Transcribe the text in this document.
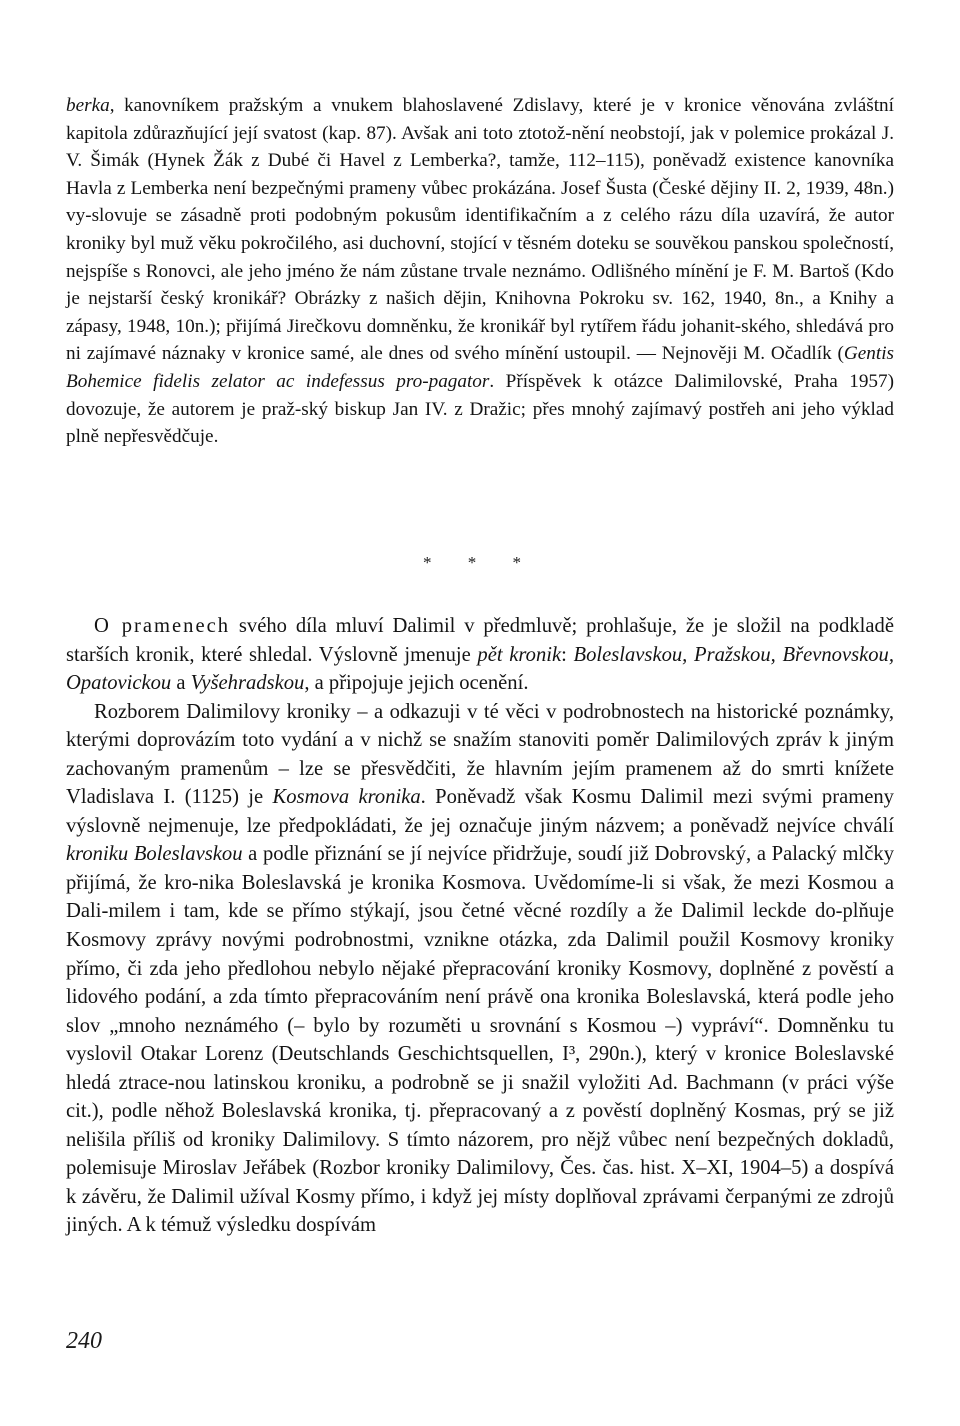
berka, kanovníkem pražským a vnukem blahoslavené Zdislavy, které je v kronice věnována zvláštní kapitola zdůrazňující její svatost (kap. 87). Avšak ani toto ztotož-nění neobstojí, jak v polemice prokázal J. V. Šimák (Hynek Žák z Dubé či Havel z Lemberka?, tamže, 112–115), poněvadž existence kanovníka Havla z Lemberka není bezpečnými prameny vůbec prokázána. Josef Šusta (České dějiny II. 2, 1939, 48n.) vy-slovuje se zásadně proti podobným pokusům identifikačním a z celého rázu díla uzavírá, že autor kroniky byl muž věku pokročilého, asi duchovní, stojící v těsném doteku se souvěkou panskou společností, nejspíše s Ronovci, ale jeho jméno že nám zůstane trvale neznámo. Odlišného mínění je F. M. Bartoš (Kdo je nejstarší český kronikář? Obrázky z našich dějin, Knihovna Pokroku sv. 162, 1940, 8n., a Knihy a zápasy, 1948, 10n.); přijímá Jirečkovu domněnku, že kronikář byl rytířem řádu johanit-ského, shledává pro ni zajímavé náznaky v kronice samé, ale dnes od svého mínění ustoupil. — Nejnověji M. Očadlík (Gentis Bohemice fidelis zelator ac indefessus pro-pagator. Příspěvek k otázce Dalimilovské, Praha 1957) dovozuje, že autorem je praž-ský biskup Jan IV. z Dražic; přes mnohý zajímavý postřeh ani jeho výklad plně nepřesvědčuje.

* * *

O pramenech svého díla mluví Dalimil v předmluvě; prohlašuje, že je složil na podkladě starších kronik, které shledal. Výslovně jmenuje pět kronik: Boleslavskou, Pražskou, Břevnovskou, Opatovickou a Vyšehradskou, a připojuje jejich ocenění.

Rozborem Dalimilovy kroniky – a odkazuji v té věci v podrobnostech na historické poznámky, kterými doprovázím toto vydání a v nichž se snažím stanoviti poměr Dalimilových zpráv k jiným zachovaným pramenům – lze se přesvědčiti, že hlavním jejím pramenem až do smrti knížete Vladislava I. (1125) je Kosmova kronika. Poněvadž však Kosmu Dalimil mezi svými prameny výslovně nejmenuje, lze předpokládati, že jej označuje jiným názvem; a poněvadž nejvíce chválí kroniku Boleslavskou a podle přiznání se jí nejvíce přidržuje, soudí již Dobrovský, a Palacký mlčky přijímá, že kro-nika Boleslavská je kronika Kosmova. Uvědomíme-li si však, že mezi Kosmou a Dali-milem i tam, kde se přímo stýkají, jsou četné věcné rozdíly a že Dalimil leckde do-plňuje Kosmovy zprávy novými podrobnostmi, vznikne otázka, zda Dalimil použil Kosmovy kroniky přímo, či zda jeho předlohou nebylo nějaké přepracování kroniky Kosmovy, doplněné z pověstí a lidového podání, a zda tímto přepracováním není právě ona kronika Boleslavská, která podle jeho slov „mnoho neznámého (– bylo by rozuměti u srovnání s Kosmou –) vypráví“. Domněnku tu vyslovil Otakar Lorenz (Deutschlands Geschichtsquellen, I³, 290n.), který v kronice Boleslavské hledá ztrace-nou latinskou kroniku, a podrobně se ji snažil vyložiti Ad. Bachmann (v práci výše cit.), podle něhož Boleslavská kronika, tj. přepracovaný a z pověstí doplněný Kosmas, prý se již nelišila příliš od kroniky Dalimilovy. S tímto názorem, pro nějž vůbec není bezpečných dokladů, polemisuje Miroslav Jeřábek (Rozbor kroniky Dalimilovy, Čes. čas. hist. X–XI, 1904–5) a dospívá k závěru, že Dalimil užíval Kosmy přímo, i když jej místy doplňoval zprávami čerpanými ze zdrojů jiných. A k témuž výsledku dospívám

240
